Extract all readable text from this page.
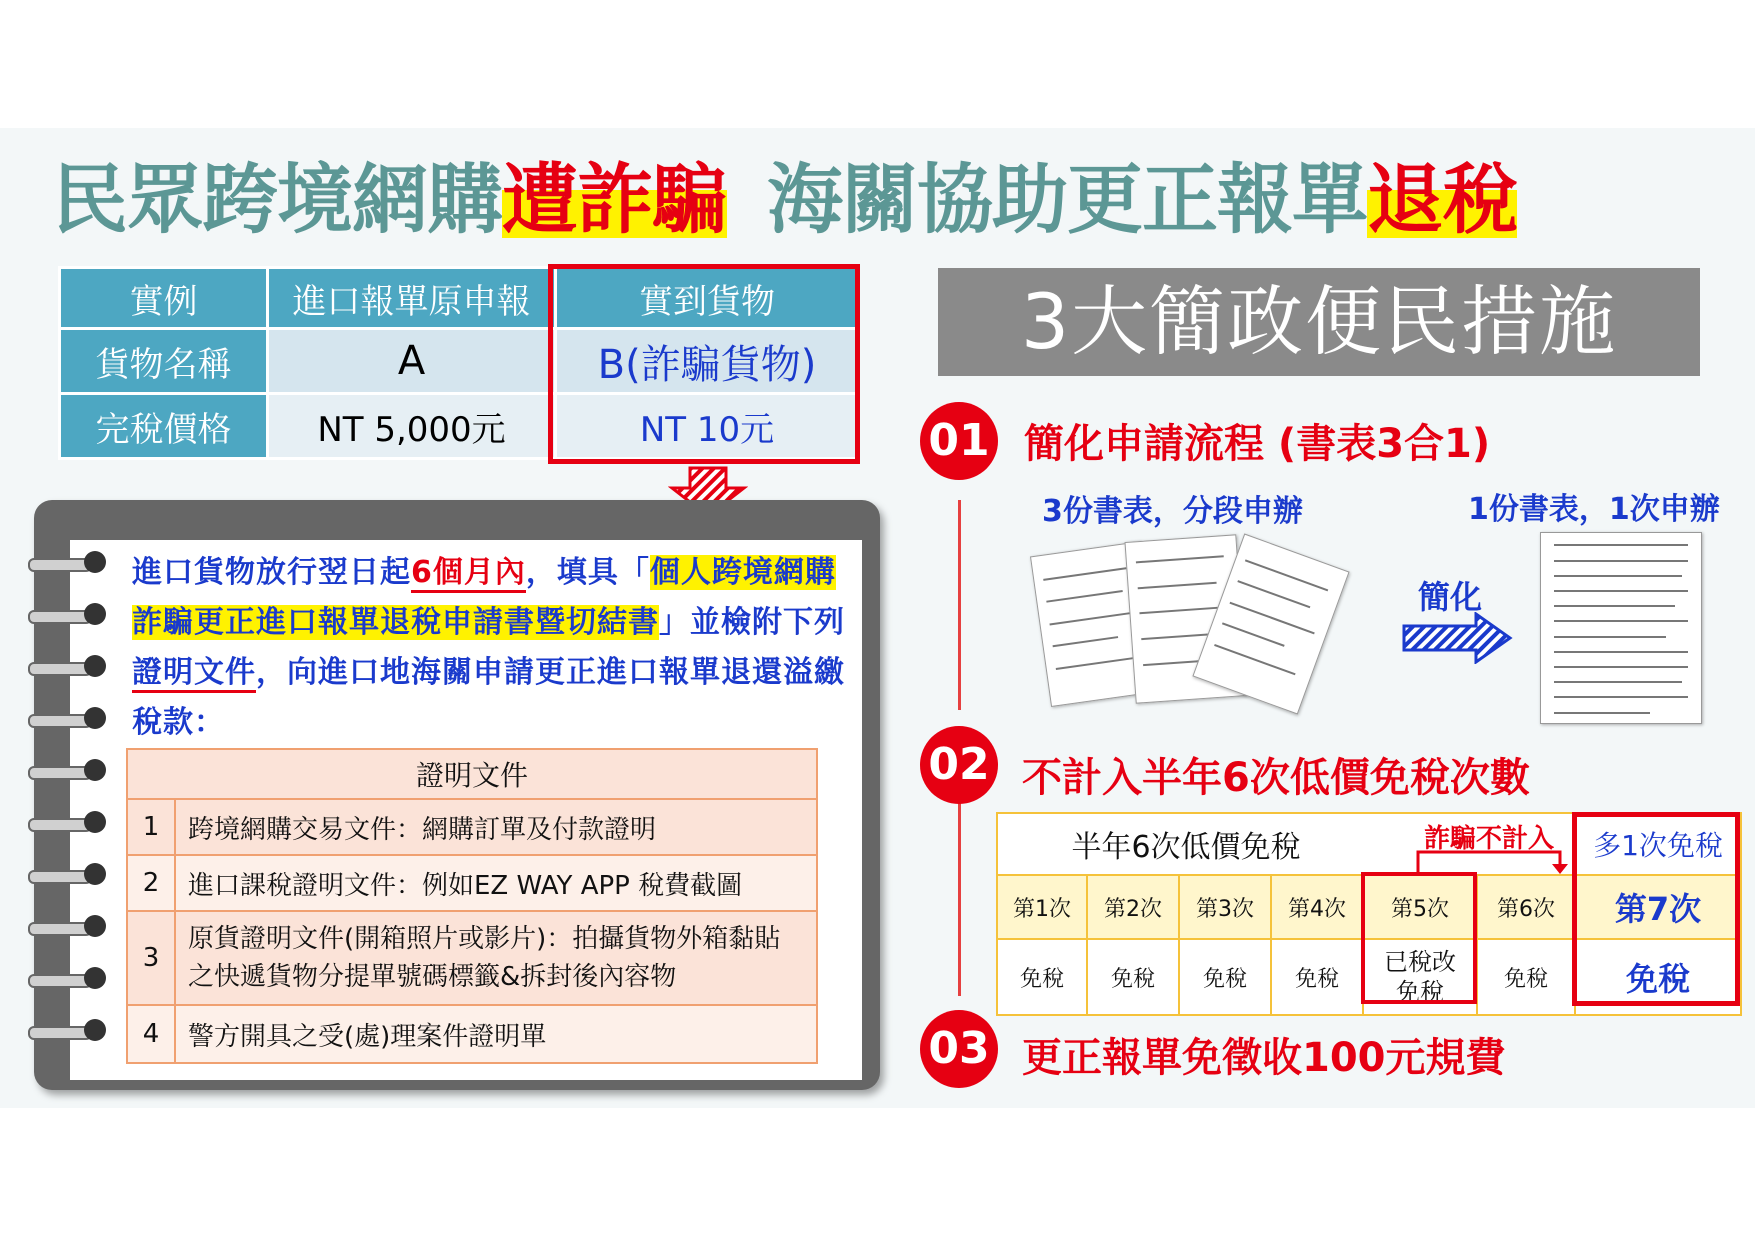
民眾跨境網購遭詐騙 海關協助更正報單退稅
實例	進口報單原申報	實到貨物
貨物名稱	A	B(詐騙貨物)
完稅價格	NT 5,000元	NT 10元
進口貨物放行翌日起6個月內，填具「個人跨境網購詐騙更正進口報單退稅申請書暨切結書」並檢附下列證明文件，向進口地海關申請更正進口報單退還溢繳稅款：
證明文件	
1	跨境網購交易文件：網購訂單及付款證明
2	進口課稅證明文件：例如EZ WAY APP 稅費截圖
3	原貨證明文件(開箱照片或影片)：拍攝貨物外箱黏貼之快遞貨物分提單號碼標籤&拆封後內容物
4	警方開具之受(處)理案件證明單
3大簡政便民措施
01 簡化申請流程 (書表3合1)
3份書表，分段申辦	1份書表，1次申辦
簡化
02 不計入半年6次低價免稅次數
半年6次低價免稅						多1次免稅
第1次	第2次	第3次	第4次	第5次	第6次	第7次
免稅	免稅	免稅	免稅	已稅改免稅	免稅	免稅
詐騙不計入
03 更正報單免徵收100元規費
